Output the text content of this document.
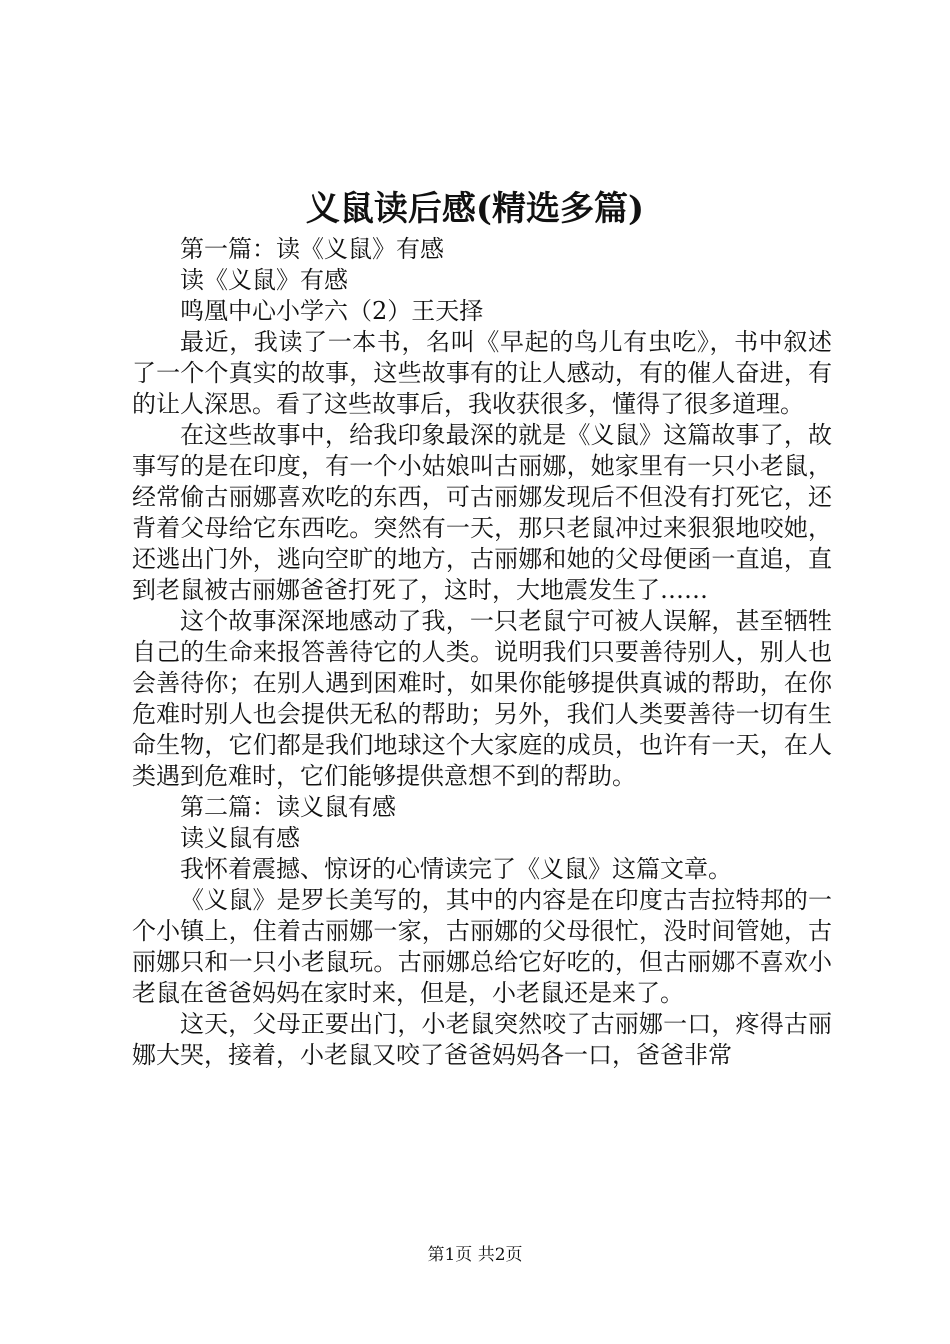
义鼠读后感(精选多篇)

第一篇：读《义鼠》有感

读《义鼠》有感

鸣凰中心小学六（2）王天择

最近，我读了一本书，名叫《早起的鸟儿有虫吃》，书中叙述了一个个真实的故事，这些故事有的让人感动，有的催人奋进，有的让人深思。看了这些故事后，我收获很多，懂得了很多道理。

在这些故事中，给我印象最深的就是《义鼠》这篇故事了，故事写的是在印度，有一个小姑娘叫古丽娜，她家里有一只小老鼠，经常偷古丽娜喜欢吃的东西，可古丽娜发现后不但没有打死它，还背着父母给它东西吃。突然有一天，那只老鼠冲过来狠狠地咬她，还逃出门外，逃向空旷的地方，古丽娜和她的父母便函一直追，直到老鼠被古丽娜爸爸打死了，这时，大地震发生了……

这个故事深深地感动了我，一只老鼠宁可被人误解，甚至牺牲自己的生命来报答善待它的人类。说明我们只要善待别人，别人也会善待你；在别人遇到困难时，如果你能够提供真诚的帮助，在你危难时别人也会提供无私的帮助；另外，我们人类要善待一切有生命生物，它们都是我们地球这个大家庭的成员，也许有一天，在人类遇到危难时，它们能够提供意想不到的帮助。

第二篇：读义鼠有感

读义鼠有感

我怀着震撼、惊讶的心情读完了《义鼠》这篇文章。

《义鼠》是罗长美写的，其中的内容是在印度古吉拉特邦的一个小镇上，住着古丽娜一家，古丽娜的父母很忙，没时间管她，古丽娜只和一只小老鼠玩。古丽娜总给它好吃的，但古丽娜不喜欢小老鼠在爸爸妈妈在家时来，但是，小老鼠还是来了。

这天，父母正要出门，小老鼠突然咬了古丽娜一口，疼得古丽娜大哭，接着，小老鼠又咬了爸爸妈妈各一口，爸爸非常

第1页 共2页
